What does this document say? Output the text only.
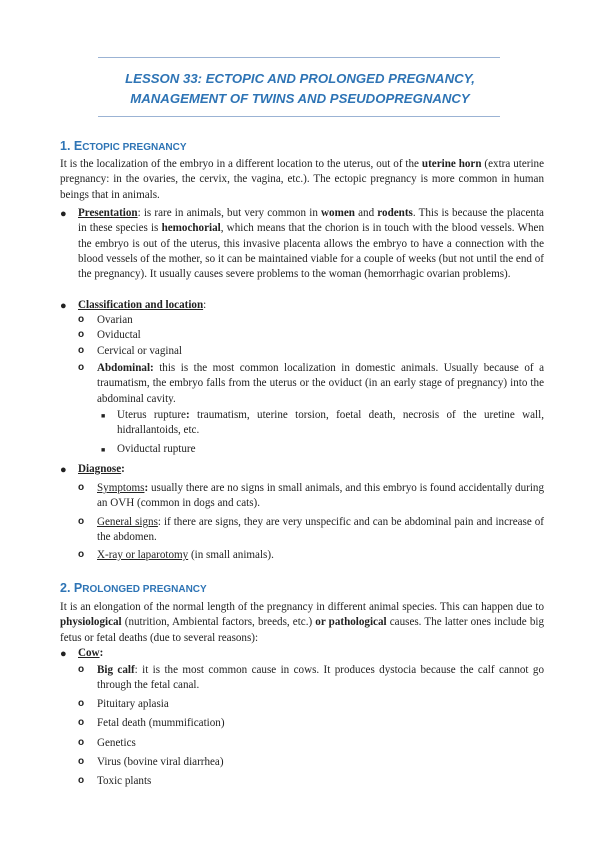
LESSON 33: ECTOPIC AND PROLONGED PREGNANCY,
MANAGEMENT OF TWINS AND PSEUDOPREGNANCY
1. ECTOPIC PREGNANCY

It is the localization of the embryo in a different location to the uterus, out of the uterine horn (extra uterine pregnancy: in the ovaries, the cervix, the vagina, etc.). The ectopic pregnancy is more common in human beings that in animals.

● Presentation: is rare in animals, but very common in women and rodents. This is because the placenta in these species is hemochorial, which means that the chorion is in touch with the blood vessels. When the embryo is out of the uterus, this invasive placenta allows the embryo to have a connection with the blood vessels of the mother, so it can be maintained viable for a couple of weeks (but not until the end of the pregnancy). It usually causes severe problems to the woman (hemorrhagic ovarian problems).
● Classification and location:
o Ovarian
o Oviductal
o Cervical or vaginal
o Abdominal: this is the most common localization in domestic animals. Usually because of a traumatism, the embryo falls from the uterus or the oviduct (in an early stage of pregnancy) into the abdominal cavity.
■ Uterus rupture: traumatism, uterine torsion, foetal death, necrosis of the uretine wall, hidrallantoids, etc.
■ Oviductal rupture
● Diagnose:
o Symptoms: usually there are no signs in small animals, and this embryo is found accidentally during an OVH (common in dogs and cats).
o General signs: if there are signs, they are very unspecific and can be abdominal pain and increase of the abdomen.
o X-ray or laparotomy (in small animals).
2. PROLONGED PREGNANCY

It is an elongation of the normal length of the pregnancy in different animal species. This can happen due to physiological (nutrition, Ambiental factors, breeds, etc.) or pathological causes. The latter ones include big fetus or fetal deaths (due to several reasons):

● Cow:
o Big calf: it is the most common cause in cows. It produces dystocia because the calf cannot go through the fetal canal.
o Pituitary aplasia
o Fetal death (mummification)
o Genetics
o Virus (bovine viral diarrhea)
o Toxic plants
